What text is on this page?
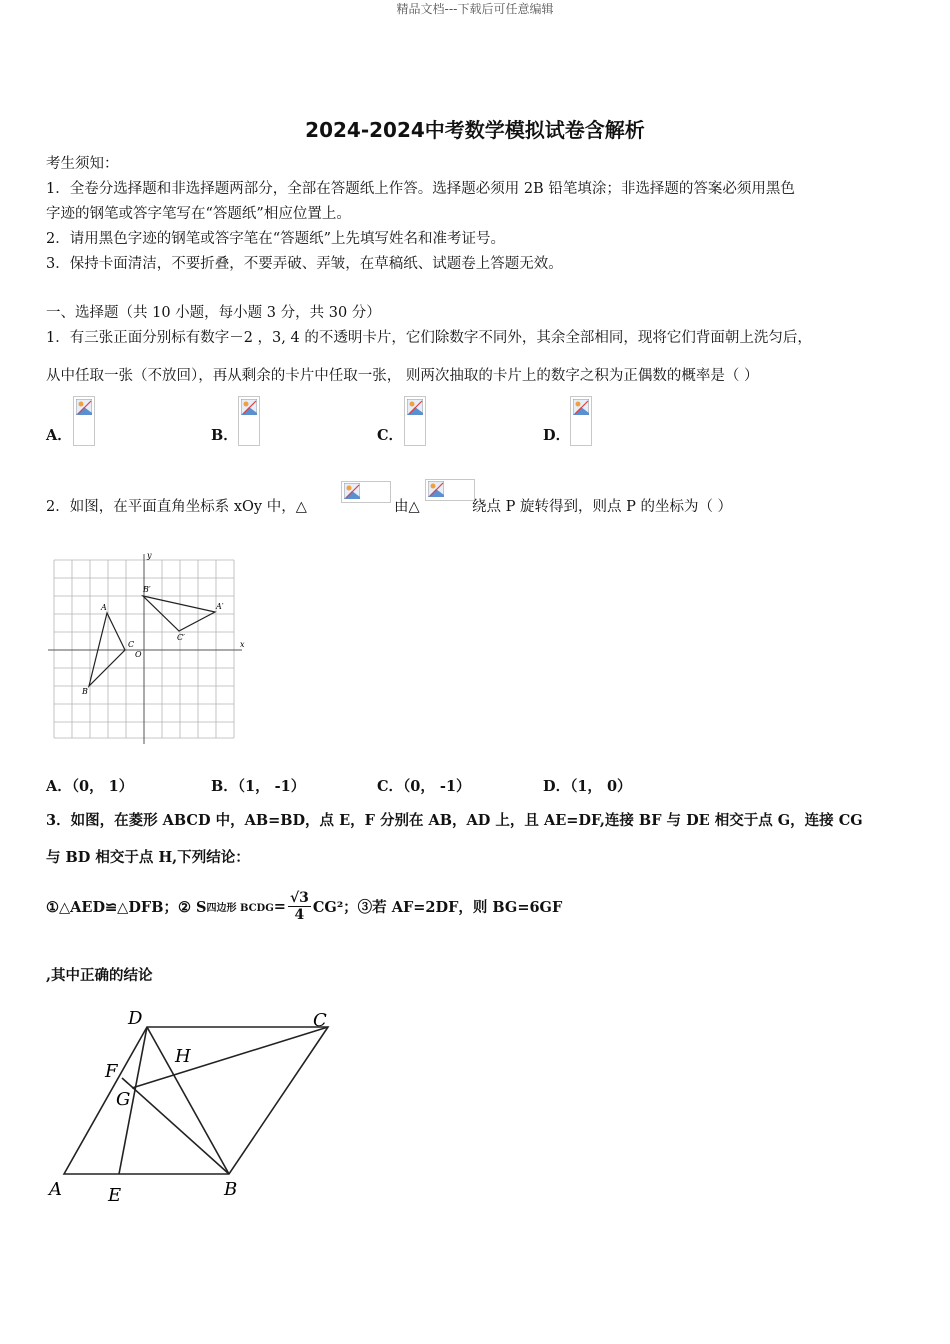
精品文档---下载后可任意编辑
2024-2024中考数学模拟试卷含解析
考生须知：
1．全卷分选择题和非选择题两部分，全部在答题纸上作答。选择题必须用 2B 铅笔填涂；非选择题的答案必须用黑色
字迹的钢笔或答字笔写在“答题纸”相应位置上。
2．请用黑色字迹的钢笔或答字笔在“答题纸”上先填写姓名和准考证号。
3．保持卡面清洁，不要折叠，不要弄破、弄皱，在草稿纸、试题卷上答题无效。
一、选择题（共 10 小题，每小题 3 分，共 30 分）
1．有三张正面分别标有数字－2 ，3, 4 的不透明卡片，它们除数字不同外，其余全部相同，现将它们背面朝上洗匀后，
从中任取一张（不放回），再从剩余的卡片中任取一张， 则两次抽取的卡片上的数字之积为正偶数的概率是（ ）
A．	B．	C．	D．
2．如图，在平面直角坐标系 xOy 中，△	由△	绕点 P 旋转得到，则点 P 的坐标为（ ）
y
x
O
A
B
C
A′
B′
C′
A．（0， 1）	B．（1， -1）	C．（0， -1）	D．（1， 0）
3．如图，在菱形 ABCD 中，AB=BD，点 E，F 分别在 AB，AD 上，且 AE=DF,连接 BF 与 DE 相交于点 G，连接 CG
与 BD 相交于点 H,下列结论：
①△AED≌△DFB；② S 四边形 BCDG = $\frac{√3}{4} CG^2$；③若 AF=2DF，则 BG=6GF
,其中正确的结论
D	C
F
H
G
A	E	B
